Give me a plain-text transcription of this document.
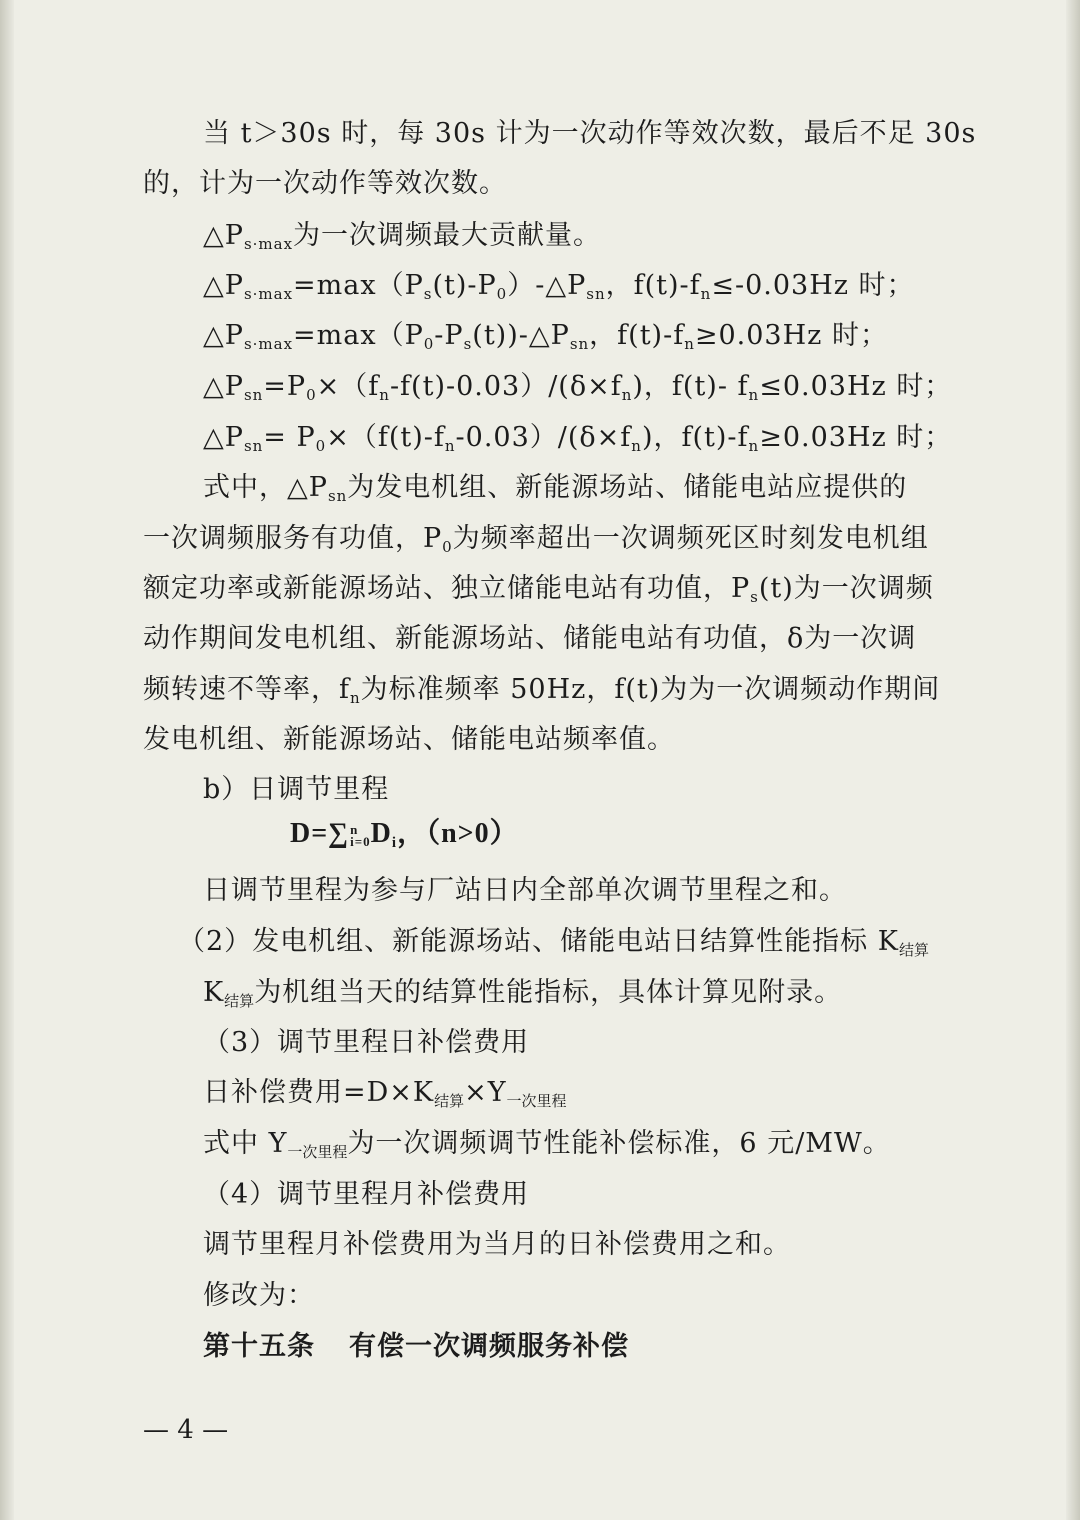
当 t＞30s 时，每 30s 计为一次动作等效次数，最后不足 30s
的，计为一次动作等效次数。
$\triangle P_{s\cdot max}$为一次调频最大贡献量。
$\triangle P_{s\cdot max}=\max(P_s(t)-P_0)-\triangle P_{sn}$，$f(t)-f_n\le-0.03Hz$ 时；
$\triangle P_{s\cdot max}=\max(P_0-P_s(t))-\triangle P_{sn}$，$f(t)-f_n\ge 0.03Hz$ 时；
$\triangle P_{sn}=P_0\times(f_n-f(t)-0.03)/(\delta\times f_n)$，f(t)- $f_n\le 0.03Hz$ 时；
$\triangle P_{sn}= P_0\times(f(t)-f_n-0.03)/(\delta\times f_n)$，$f(t)-f_n\ge 0.03Hz$ 时；
式中，$\triangle P_{sn}$为发电机组、新能源场站、储能电站应提供的
一次调频服务有功值，$P_0$为频率超出一次调频死区时刻发电机组
额定功率或新能源场站、独立储能电站有功值，$P_s(t)$为一次调频
动作期间发电机组、新能源场站、储能电站有功值，δ为一次调
频转速不等率，$f_n$为标准频率 50Hz，f(t)为为一次调频动作期间
发电机组、新能源场站、储能电站频率值。
b）日调节里程
D=∑n
$i=0D_i$，（n>0）
日调节里程为参与厂站日内全部单次调节里程之和。
（2）发电机组、新能源场站、储能电站日结算性能指标 $K_{结算}$
$K_{结算}$为机组当天的结算性能指标，具体计算见附录。
（3）调节里程日补偿费用
日补偿费用$=D\times K_{结算}\times Y_{一次里程}$
式中 $Y_{一次里程}$为一次调频调节性能补偿标准，6 元/MW。
（4）调节里程月补偿费用
调节里程月补偿费用为当月的日补偿费用之和。
修改为：
第十五条 有偿一次调频服务补偿
— 4 —
